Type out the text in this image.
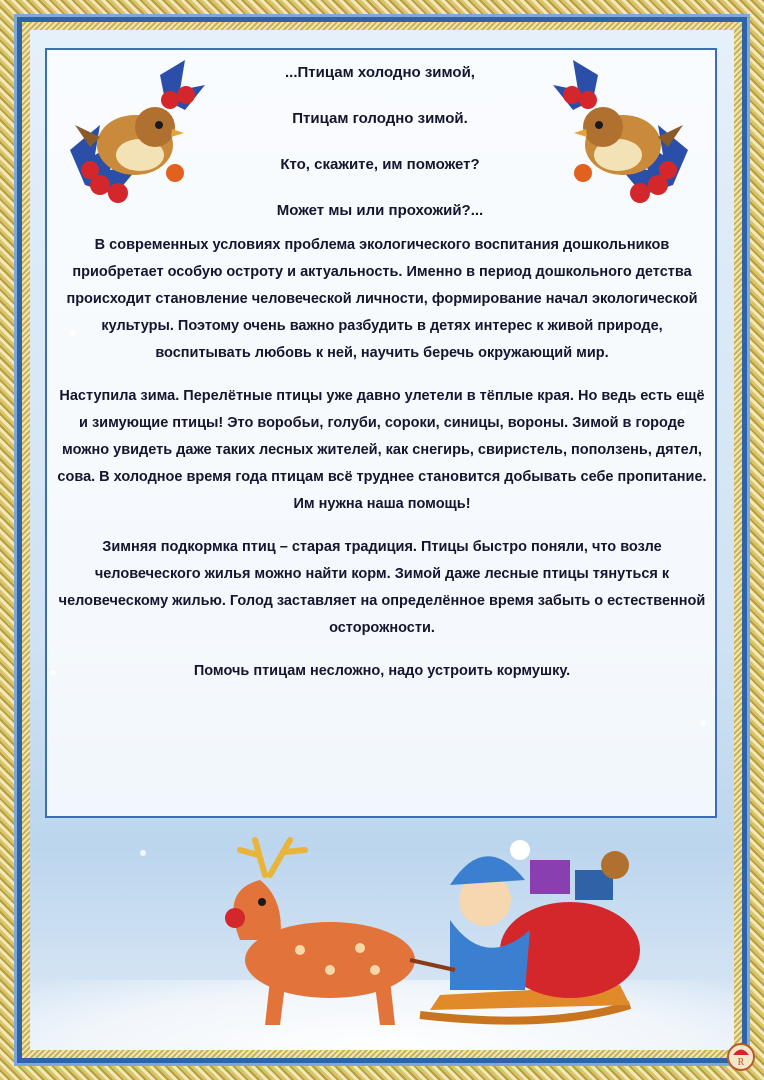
...Птицам холодно зимой,

Птицам голодно зимой.

Кто, скажите, им поможет?

Может мы или прохожий?...

В современных условиях проблема экологического воспитания дошкольников приобретает особую остроту и актуальность. Именно в период дошкольного детства происходит становление человеческой личности, формирование начал экологической культуры. Поэтому очень важно разбудить в детях интерес к живой природе, воспитывать любовь к ней, научить беречь окружающий мир.

Наступила зима. Перелётные птицы уже давно улетели в тёплые края. Но ведь есть ещё и зимующие птицы! Это воробьи, голуби, сороки, синицы, вороны. Зимой в городе можно увидеть даже таких лесных жителей, как снегирь, свиристель, поползень, дятел, сова. В холодное время года птицам всё труднее становится добывать себе пропитание. Им нужна наша помощь!

Зимняя подкормка птиц – старая традиция. Птицы быстро поняли, что возле человеческого жилья можно найти корм. Зимой даже лесные птицы тянуться к человеческому жилью. Голод заставляет на определённое время забыть о естественной осторожности.

Помочь птицам несложно, надо устроить кормушку.

R
